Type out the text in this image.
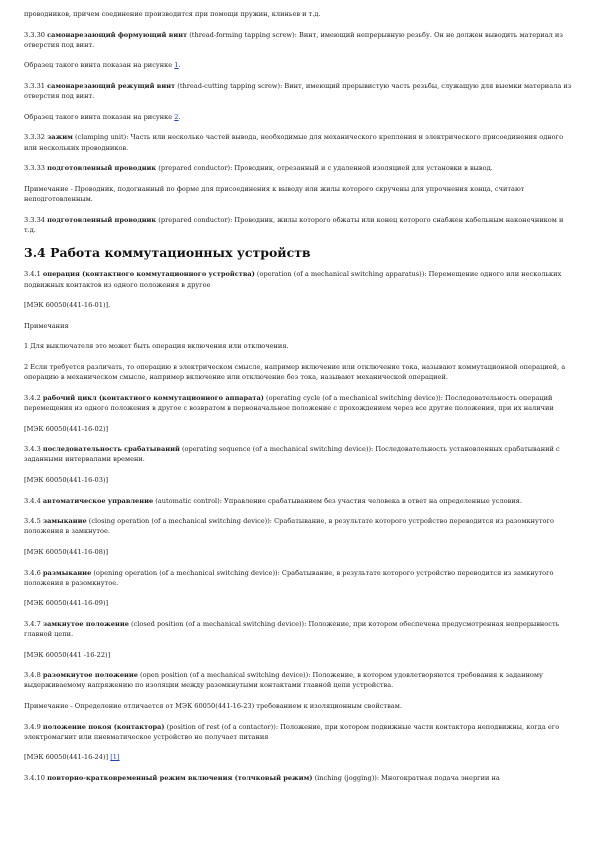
проводников, причем соединение производится при помощи пружин, клиньев и т.д.

3.3.30 самонарезающий формующий винт (thread-forming tapping screw): Винт, имеющий непрерывную резьбу. Он не должен выводить материал из отверстия под винт.

Образец такого винта показан на рисунке 1.

3.3.31 самонарезающий режущий винт (thread-cutting tapping screw): Винт, имеющий прерывистую часть резьбы, служащую для выемки материала из отверстия под винт.

Образец такого винта показан на рисунке 2.

3.3.32 зажим (clamping unit): Часть или несколько частей вывода, необходимые для механического крепления и электрического присоединения одного или нескольких проводников.

3.3.33 подготовленный проводник (prepared conductor): Проводник, отрезанный и с удаленной изоляцией для установки в вывод.

Примечание - Проводник, подогнанный по форме для присоединения к выводу или жилы которого скручены для упрочнения конца, считают неподготовленным.

3.3.34 подготовленный проводник (prepared conductor): Проводник, жилы которого обжаты или конец которого снабжен кабельным наконечником и т.д.

3.4 Работа коммутационных устройств

3.4.1 операция (контактного коммутационного устройства) (operation (of a mechanical switching apparatus)): Перемещение одного или нескольких подвижных контактов из одного положения в другое

[МЭК 60050(441-16-01)].

Примечания

1 Для выключателя это может быть операция включения или отключения.

2 Если требуется различать, то операцию в электрическом смысле, например включение или отключение тока, называют коммутационной операцией, а операцию в механическом смысле, например включение или отключение без тока, называют механической операцией.

3.4.2 рабочий цикл (контактного коммутационного аппарата) (operating cycle (of a mechanical switching device)): Последовательность операций перемещения из одного положения в другое с возвратом в первоначальное положение с прохождением через все другие положения, при их наличии

[МЭК 60050(441-16-02)]

3.4.3 последовательность срабатываний (operating sequence (of a mechanical switching device)): Последовательность установленных срабатываний с заданными интервалами времени.

[МЭК 60050(441-16-03)]

3.4.4 автоматическое управление (automatic control): Управление срабатыванием без участия человека в ответ на определенные условия.

3.4.5 замыкание (closing operation (of a mechanical switching device)): Срабатывание, в результате которого устройство переводится из разомкнутого положения в замкнутое.

[МЭК 60050(441-16-08)]

3.4.6 размыкание (opening operation (of a mechanical switching device)): Срабатывание, в результате которого устройство переводится из замкнутого положения в разомкнутое.

[МЭК 60050(441-16-09)]

3.4.7 замкнутое положение (closed position (of a mechanical switching device)): Положение, при котором обеспечена предусмотренная непрерывность главной цепи.

[МЭК 60050(441 -16-22)]

3.4.8 разомкнутое положение (open position (of a mechanical switching device)): Положение, в котором удовлетворяются требования к заданному выдерживаемому напряжению по изоляции между разомкнутыми контактами главной цепи устройства.

Примечание - Определение отличается от МЭК 60050(441-16-23) требованием к изоляционным свойствам.

3.4.9 положение покоя (контактора) (position of rest (of a contactor)): Положение, при котором подвижные части контактора неподвижны, когда его электромагнит или пневматическое устройство не получает питания

[МЭК 60050(441-16-24)] [1]

3.4.10 повторно-кратковременный режим включения (толчковый режим) (inching (jogging)): Многократная подача энергии на
